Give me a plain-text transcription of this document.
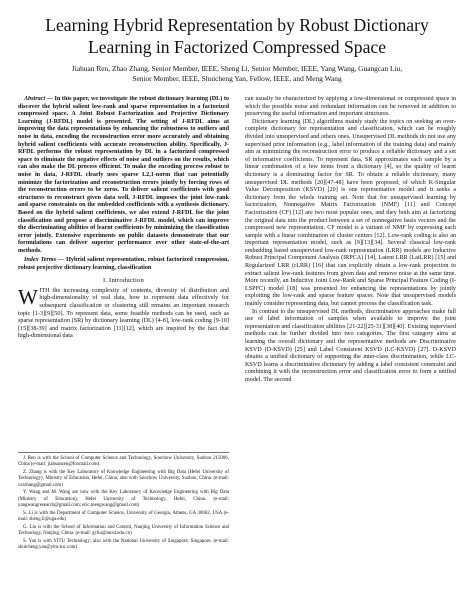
Learning Hybrid Representation by Robust Dictionary Learning in Factorized Compressed Space
Jiahuan Ren, Zhao Zhang, Senior Member, IEEE, Sheng Li, Senior Member, IEEE, Yang Wang, Guangcan Liu,
Senior Member, IEEE, Shuicheng Yan, Fellow, IEEE, and Meng Wang

Abstract — In this paper, we investigate the robust dictionary learning (DL) to discover the hybrid salient low-rank and sparse representation in a factorized compressed space. A Joint Robust Factorization and Projective Dictionary Learning (J-RFDL) model is presented. The setting of J-RFDL aims at improving the data representations by enhancing the robustness to outliers and noise in data, encoding the reconstruction error more accurately and obtaining hybrid salient coefficients with accurate reconstruction ability. Specifically, J-RFDL performs the robust representation by DL in a factorized compressed space to eliminate the negative effects of noise and outliers on the results, which can also make the DL process efficient. To make the encoding process robust to noise in data, J-RFDL clearly uses sparse L2,1-norm that can potentially minimize the factorization and reconstruction errors jointly by forcing rows of the reconstruction errors to be zeros. To deliver salient coefficients with good structures to reconstruct given data well, J-RFDL imposes the joint low-rank and sparse constraints on the embedded coefficients with a synthesis dictionary. Based on the hybrid salient coefficients, we also extend J-RFDL for the joint classification and propose a discriminative J-RFDL model, which can improve the discriminating abilities of learnt coefficients by minimizing the classification error jointly. Extensive experiments on public datasets demonstrate that our formulations can deliver superior performance over other state-of-the-art methods.

Index Terms — Hybrid salient representation, robust factorized compression, robust projective dictionary learning, classification

I. Introduction

WITH the increasing complexity of contents, diversity of distribution and high-dimensionality of real data, how to represent data effectively for subsequent classification or clustering still remains an important research topic [1-3][9][50]. To represent data, some feasible methods can be used, such as sparse representation (SR) by dictionary learning (DL) [4-8], low-rank coding [9-10][15][38-39] and matrix factorization [11][12], which are inspired by the fact that high-dimensional data

J. Ren is with the School of Computer Science and Technology, Soochow University, Suzhou 215006, China (e-mail: jiahuanren@foxmail.com).

Z. Zhang is with the Key Laboratory of Knowledge Engineering with Big Data (Hefei University of Technology), Ministry of Education, Hefei, China; also with Soochow University, Suzhou, China. (e-mail: cszzhang@gmail.com)

Y. Wang and M. Wang are now with the Key Laboratory of Knowledge Engineering with Big Data (Ministry of Education), Hefei University of Technology, Hefei, China. (e-mail: yangwangresearch@gmail.com; eric.mengwang@gmail.com)

S. Li is with the Department of Computer Science, University of Georgia, Athens, GA 30602, USA (e-mail: sheng.li@uga.edu)

G. Liu is with the School of Information and Control, Nanjing University of Information Science and Technology, Nanjing, China. (e-mail: gcliu@nuist.edu.cn)

S. Yan is with YITU Technology; also with the National University of Singapore, Singapore. (e-mail: shuicheng.yan@yitu-inc.com)

can usually be characterized by applying a low-dimensional or compressed space in which the possible noise and redundant information can be removed in addition to preserving the useful information and important structures.

Dictionary learning (DL) algorithms mainly study the topics on seeking an over-complete dictionary for representation and classification, which can be roughly divided into unsupervised and others ones. Unsupervised DL methods do not use any supervised prior information (e.g., label information of the training data) and mainly aim at minimizing the reconstruction error to produce a reliable dictionary and a set of informative coefficients. To represent data, SR approximates each sample by a linear combination of a few items from a dictionary [4], so the quality of learnt dictionary is a dominating factor for SR. To obtain a reliable dictionary, many unsupervised DL methods [20][47-48] have been proposed, of which K-Singular Value Decomposition (KSVD) [20] is one representative model and it seeks a dictionary from the whole training set. Note that for unsupervised learning by factorization, Nonnegative Matrix Factorization (NMF) [11] and Concept Factorization (CF) [12] are two most popular ones, and they both aim at factorizing the original data into the product between a set of nonnegative basis vectors and the compressed new representation. CF model is a variant of NMF by expressing each sample with a linear combination of cluster centers [12]. Low-rank coding is also an important representation model, such as [9][13][34]. Several classical low-rank embedding based unsupervised low-rank representation (LRR) models are Inductive Robust Principal Component Analysis (IRPCA) [14], Latent LRR (LatLRR) [15] and Regularized LRR (rLRR) [16] that can explicitly obtain a low-rank projection to extract salient low-rank features from given data and remove noise at the same time. More recently, an Inductive Joint Low-Rank and Sparse Principal Feature Coding (I-LSPFC) model [18] was presented for enhancing the representations by jointly exploiting the low-rank and sparse feature spaces. Note that unsupervised models mainly consider representing data, but cannot process the classification task.

In contrast to the unsupervised DL methods, discriminative approaches make full use of label information of samples when available to improve the joint representation and classification abilities [21-22][25-31][38][40]. Existing supervised methods can be further divided into two categories. The first category aims at learning the overall dictionary and the representative methods are Discriminative KSVD (D-KSVD) [25] and Label Consistent KSVD (LC-KSVD) [27]. D-KSVD obtains a unified dictionary of supporting the inter-class discrimination, while LC-KSVD learns a discriminative dictionary by adding a label consistent constraint and combining it with the reconstruction error and classification error to form a unified model. The second
